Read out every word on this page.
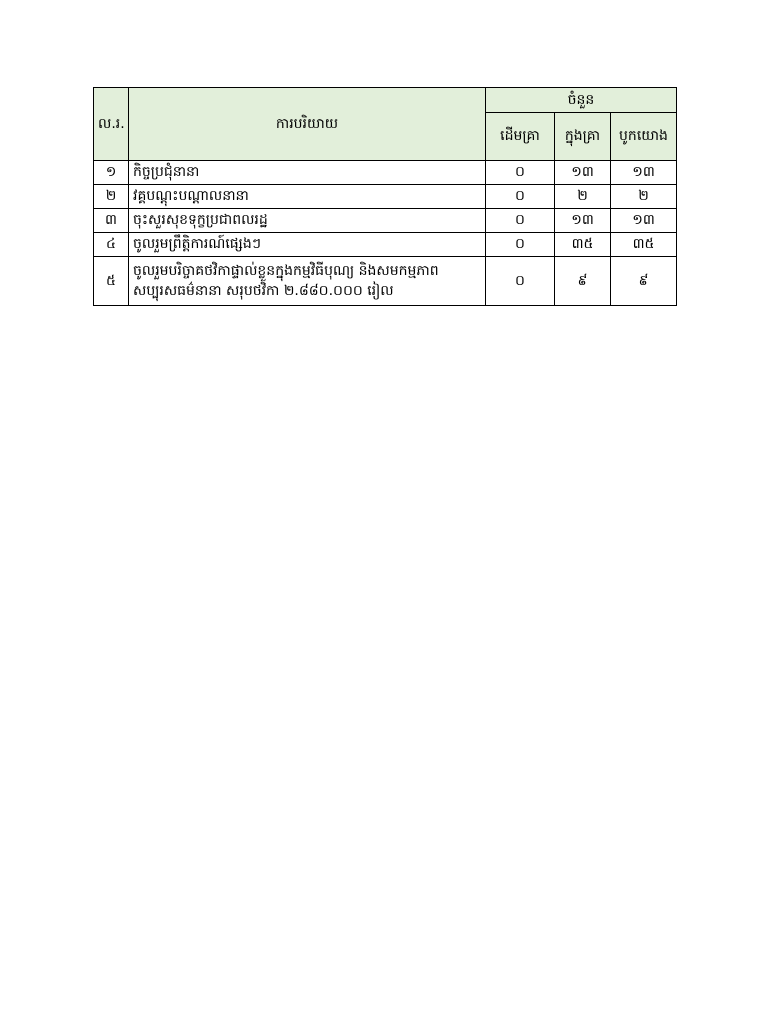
ល.រ.	ការបរិយាយ	ចំនួន		
		ដើមគ្រា	ក្នុងគ្រា	បូកយោង
១	កិច្ចប្រជុំនានា	០	១៣	១៣
២	វគ្គបណ្តុះបណ្តាលនានា	០	២	២
៣	ចុះសួរសុខទុក្ខប្រជាពលរដ្ឋ	០	១៣	១៣
៤	ចូលរួមព្រឹត្តិការណ៍ផ្សេងៗ	០	៣៥	៣៥
៥	ចូលរួមបរិច្ចាគថវិកាផ្ទាល់ខ្លួនក្នុងកម្មវិធីបុណ្យ និងសមកម្មភាព សប្បុរសធម៌នានា សរុបថវិកា ២.៨៨០.០០០ រៀល	០	៩	៩
